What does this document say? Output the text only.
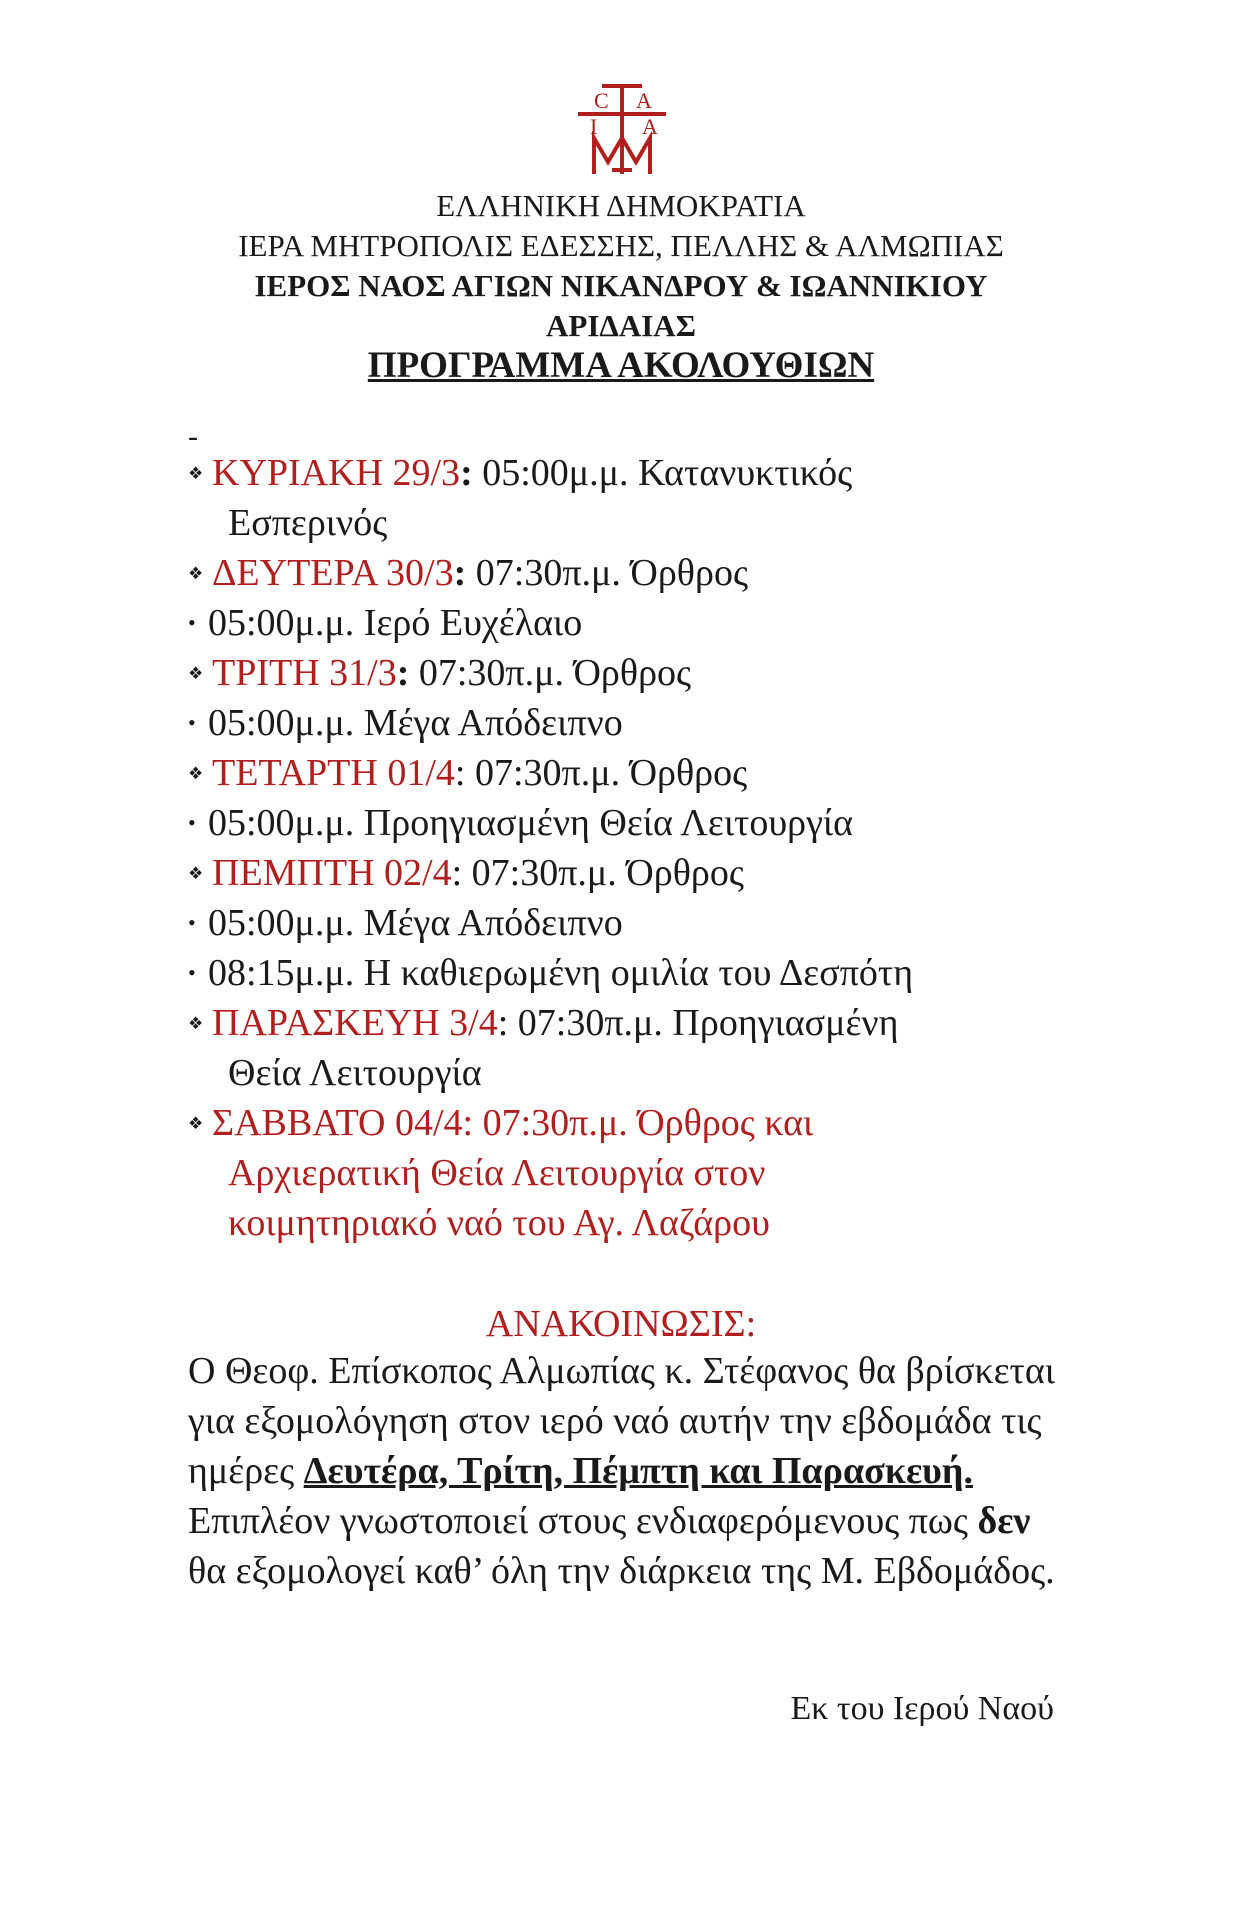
C A
I A
ΕΛΛΗΝΙΚΗ ΔΗΜΟΚΡΑΤΙΑ
ΙΕΡΑ ΜΗΤΡΟΠΟΛΙΣ ΕΔΕΣΣΗΣ, ΠΕΛΛΗΣ & ΑΛΜΩΠΙΑΣ
ΙΕΡΟΣ ΝΑΟΣ ΑΓΙΩΝ ΝΙΚΑΝΔΡΟΥ & ΙΩΑΝΝΙΚΙΟΥ
ΑΡΙΔΑΙΑΣ
ΠΡΟΓΡΑΜΜΑ ΑΚΟΛΟΥΘΙΩΝ
-
❖ ΚΥΡΙΑΚΗ 29/3: 05:00μ.μ. Κατανυκτικός
Εσπερινός
❖ ΔΕΥΤΕΡΑ 30/3: 07:30π.μ. Όρθρος
• 05:00μ.μ. Ιερό Ευχέλαιο
❖ ΤΡΙΤΗ 31/3: 07:30π.μ. Όρθρος
• 05:00μ.μ. Μέγα Απόδειπνο
❖ ΤΕΤΑΡΤΗ 01/4: 07:30π.μ. Όρθρος
• 05:00μ.μ. Προηγιασμένη Θεία Λειτουργία
❖ ΠΕΜΠΤΗ 02/4: 07:30π.μ. Όρθρος
• 05:00μ.μ. Μέγα Απόδειπνο
• 08:15μ.μ. Η καθιερωμένη ομιλία του Δεσπότη
❖ ΠΑΡΑΣΚΕΥΗ 3/4: 07:30π.μ. Προηγιασμένη
Θεία Λειτουργία
❖ ΣΑΒΒΑΤΟ 04/4: 07:30π.μ. Όρθρος και
Αρχιερατική Θεία Λειτουργία στον
κοιμητηριακό ναό του Αγ. Λαζάρου
ΑΝΑΚΟΙΝΩΣΙΣ:
Ο Θεοφ. Επίσκοπος Αλμωπίας κ. Στέφανος θα βρίσκεται για εξομολόγηση στον ιερό ναό αυτήν την εβδομάδα τις ημέρες Δευτέρα, Τρίτη, Πέμπτη και Παρασκευή. Επιπλέον γνωστοποιεί στους ενδιαφερόμενους πως δεν θα εξομολογεί καθ’ όλη την διάρκεια της Μ. Εβδομάδος.
Εκ του Ιερού Ναού
